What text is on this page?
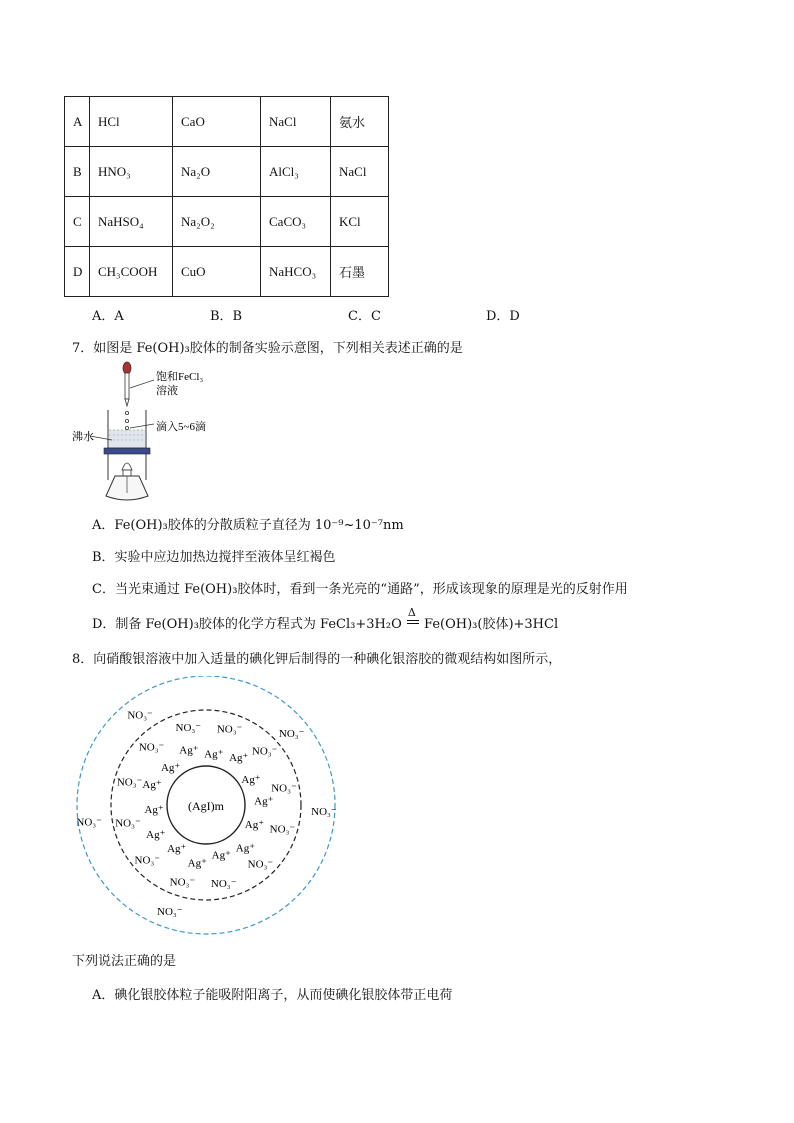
A	HCl	CaO	NaCl	氨水
B	HNO₃	Na₂O	AlCl₃	NaCl
C	NaHSO₄	Na₂O₂	CaCO₃	KCl
D	CH₃COOH	CuO	NaHCO₃	石墨
A．A	B．B	C．C	D．D
7．如图是 Fe(OH)₃胶体的制备实验示意图，下列相关表述正确的是
饱和FeCl₃
溶液
滴入5~6滴
沸水
A．Fe(OH)₃胶体的分散质粒子直径为 10⁻⁹~10⁻⁷nm
B．实验中应边加热边搅拌至液体呈红褐色
C．当光束通过 Fe(OH)₃胶体时，看到一条光亮的“通路”，形成该现象的原理是光的反射作用
D．制备 Fe(OH)₃胶体的化学方程式为 FeCl₃+3H₂O
Δ
Fe(OH)₃(胶体)+3HCl
8．向硝酸银溶液中加入适量的碘化钾后制得的一种碘化银溶胶的微观结构如图所示，
(AgI)m
Ag⁺ Ag⁺
Ag⁺
Ag⁺
Ag⁺
Ag⁺
Ag⁺
Ag⁺
Ag⁺
Ag⁺
Ag⁺
Ag⁺
Ag⁺
Ag⁺
NO₃⁻
NO₃⁻
NO₃⁻
NO₃⁻
NO₃⁻
NO₃⁻
NO₃⁻
NO₃⁻
NO₃⁻
NO₃⁻
NO₃⁻
NO₃⁻
NO₃⁻
NO₃⁻
NO₃⁻
NO₃⁻
NO₃⁻
下列说法正确的是
A．碘化银胶体粒子能吸附阳离子，从而使碘化银胶体带正电荷
